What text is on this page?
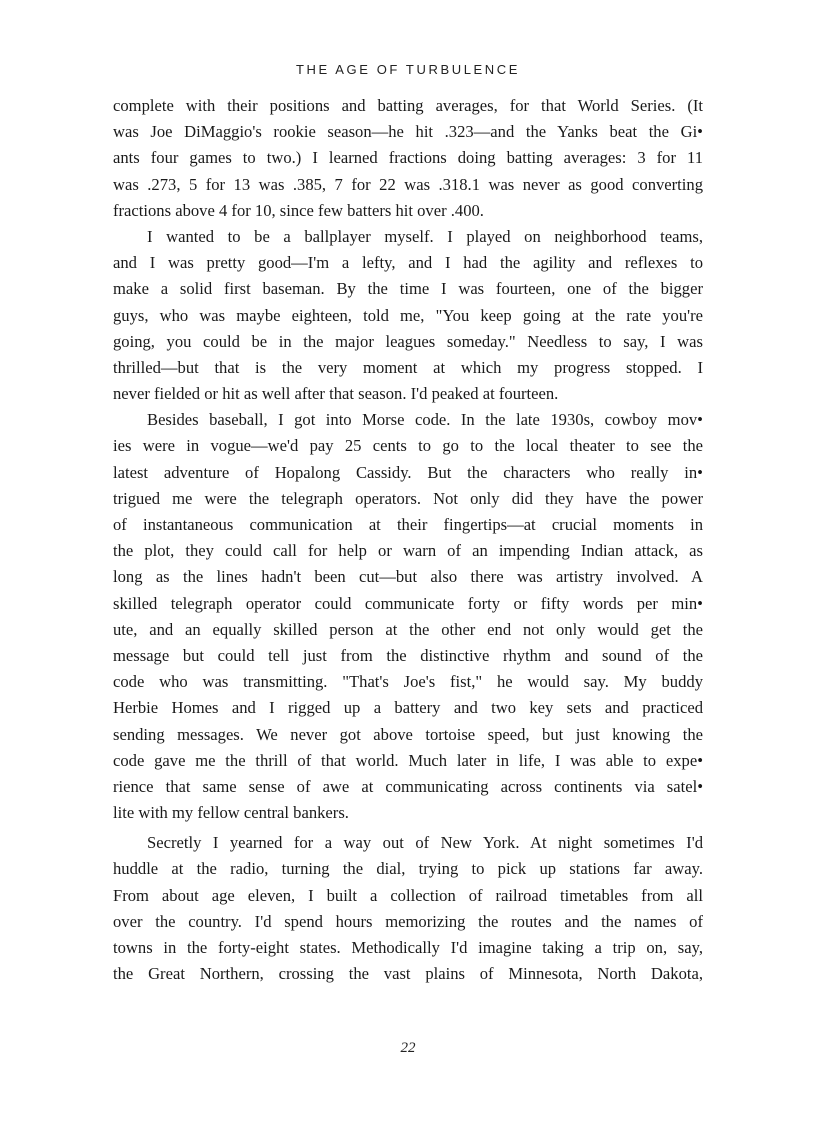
THE AGE OF TURBULENCE
complete with their positions and batting averages, for that World Series. (It
was Joe DiMaggio's rookie season—he hit .323—and the Yanks beat the Gi•
ants four games to two.) I learned fractions doing batting averages: 3 for 11
was .273, 5 for 13 was .385, 7 for 22 was .318.1 was never as good converting
fractions above 4 for 10, since few batters hit over .400.
I wanted to be a ballplayer myself. I played on neighborhood teams,
and I was pretty good—I'm a lefty, and I had the agility and reflexes to
make a solid first baseman. By the time I was fourteen, one of the bigger
guys, who was maybe eighteen, told me, "You keep going at the rate you're
going, you could be in the major leagues someday." Needless to say, I was
thrilled—but that is the very moment at which my progress stopped. I
never fielded or hit as well after that season. I'd peaked at fourteen.
Besides baseball, I got into Morse code. In the late 1930s, cowboy mov•
ies were in vogue—we'd pay 25 cents to go to the local theater to see the
latest adventure of Hopalong Cassidy. But the characters who really in•
trigued me were the telegraph operators. Not only did they have the power
of instantaneous communication at their fingertips—at crucial moments in
the plot, they could call for help or warn of an impending Indian attack, as
long as the lines hadn't been cut—but also there was artistry involved. A
skilled telegraph operator could communicate forty or fifty words per min•
ute, and an equally skilled person at the other end not only would get the
message but could tell just from the distinctive rhythm and sound of the
code who was transmitting. "That's Joe's fist," he would say. My buddy
Herbie Homes and I rigged up a battery and two key sets and practiced
sending messages. We never got above tortoise speed, but just knowing the
code gave me the thrill of that world. Much later in life, I was able to expe•
rience that same sense of awe at communicating across continents via satel•
lite with my fellow central bankers.
Secretly I yearned for a way out of New York. At night sometimes I'd
huddle at the radio, turning the dial, trying to pick up stations far away.
From about age eleven, I built a collection of railroad timetables from all
over the country. I'd spend hours memorizing the routes and the names of
towns in the forty-eight states. Methodically I'd imagine taking a trip on, say,
the Great Northern, crossing the vast plains of Minnesota, North Dakota,
22
